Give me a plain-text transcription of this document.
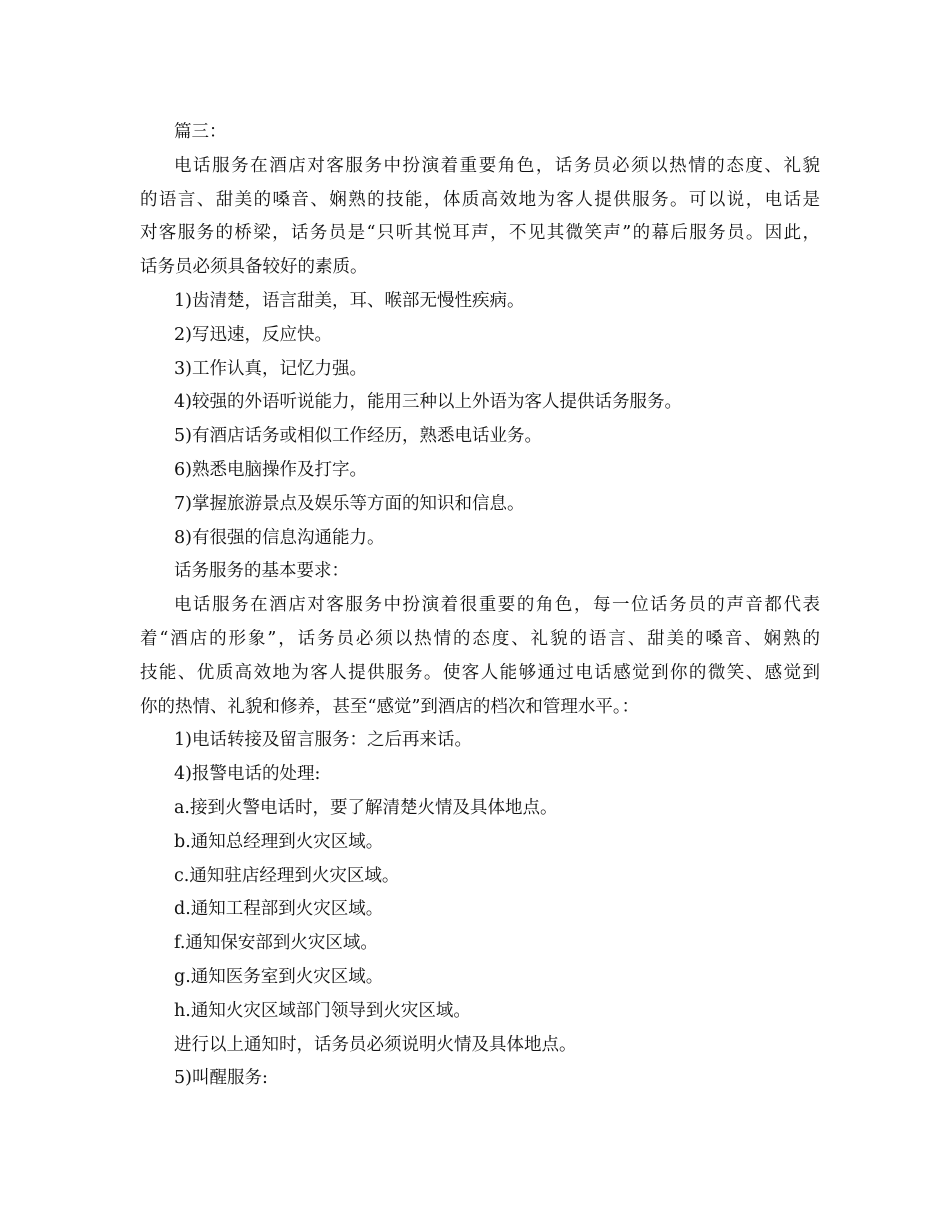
篇三：
电话服务在酒店对客服务中扮演着重要角色，话务员必须以热情的态度、礼貌
的语言、甜美的嗓音、娴熟的技能，体质高效地为客人提供服务。可以说，电话是
对客服务的桥梁，话务员是“只听其悦耳声，不见其微笑声”的幕后服务员。因此，
话务员必须具备较好的素质。
1)齿清楚，语言甜美，耳、喉部无慢性疾病。
2)写迅速，反应快。
3)工作认真，记忆力强。
4)较强的外语听说能力，能用三种以上外语为客人提供话务服务。
5)有酒店话务或相似工作经历，熟悉电话业务。
6)熟悉电脑操作及打字。
7)掌握旅游景点及娱乐等方面的知识和信息。
8)有很强的信息沟通能力。
话务服务的基本要求：
电话服务在酒店对客服务中扮演着很重要的角色，每一位话务员的声音都代表
着“酒店的形象”，话务员必须以热情的态度、礼貌的语言、甜美的嗓音、娴熟的
技能、优质高效地为客人提供服务。使客人能够通过电话感觉到你的微笑、感觉到
你的热情、礼貌和修养，甚至“感觉”到酒店的档次和管理水平。：
1)电话转接及留言服务：之后再来话。
4)报警电话的处理:
a.接到火警电话时，要了解清楚火情及具体地点。
b.通知总经理到火灾区域。
c.通知驻店经理到火灾区域。
d.通知工程部到火灾区域。
f.通知保安部到火灾区域。
g.通知医务室到火灾区域。
h.通知火灾区域部门领导到火灾区域。
进行以上通知时，话务员必须说明火情及具体地点。
5)叫醒服务:
